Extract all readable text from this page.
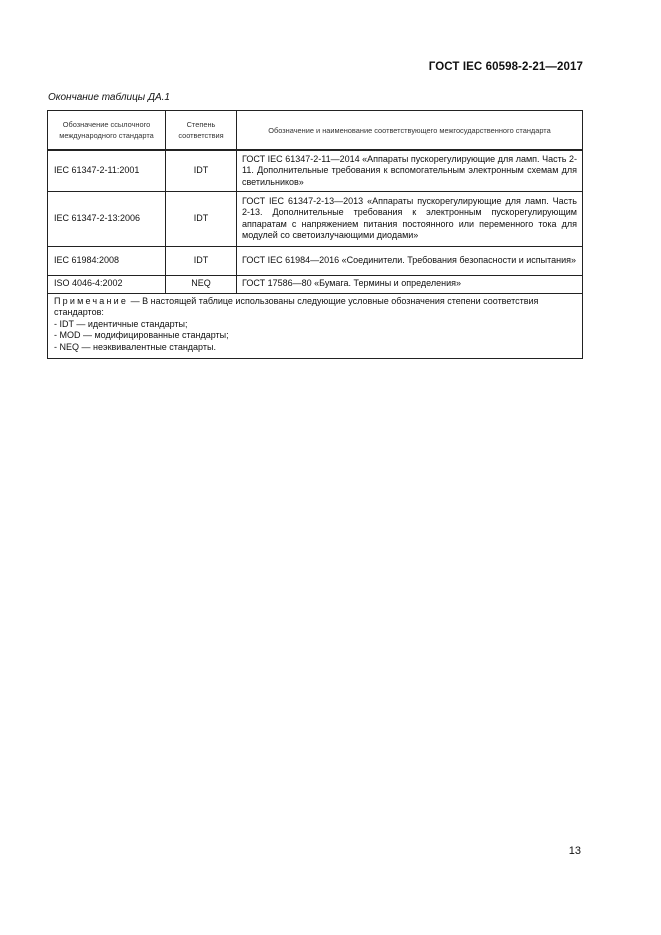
ГОСТ IEC 60598-2-21—2017
Окончание таблицы ДА.1
Обозначение ссылочного международного стандарта	Степень соответствия	Обозначение и наименование соответствующего межгосударственного стандарта
IEC 61347-2-11:2001	IDT	ГОСТ IEC 61347-2-11—2014 «Аппараты пускорегулирующие для ламп. Часть 2-11. Дополнительные требования к вспомогательным электронным схемам для светильников»
IEC 61347-2-13:2006	IDT	ГОСТ IEC 61347-2-13—2013 «Аппараты пускорегулирующие для ламп. Часть 2-13. Дополнительные требования к электронным пускорегулирующим аппаратам с напряжением питания постоянного или переменного тока для модулей со светоизлучающими диодами»
IEC 61984:2008	IDT	ГОСТ IEC 61984—2016 «Соединители. Требования безопасности и испытания»
ISO 4046-4:2002	NEQ	ГОСТ 17586—80 «Бумага. Термины и определения»

Примечание — В настоящей таблице использованы следующие условные обозначения степени соответствия стандартов:
- IDT — идентичные стандарты;
- MOD — модифицированные стандарты;
- NEQ — неэквивалентные стандарты.		
13
